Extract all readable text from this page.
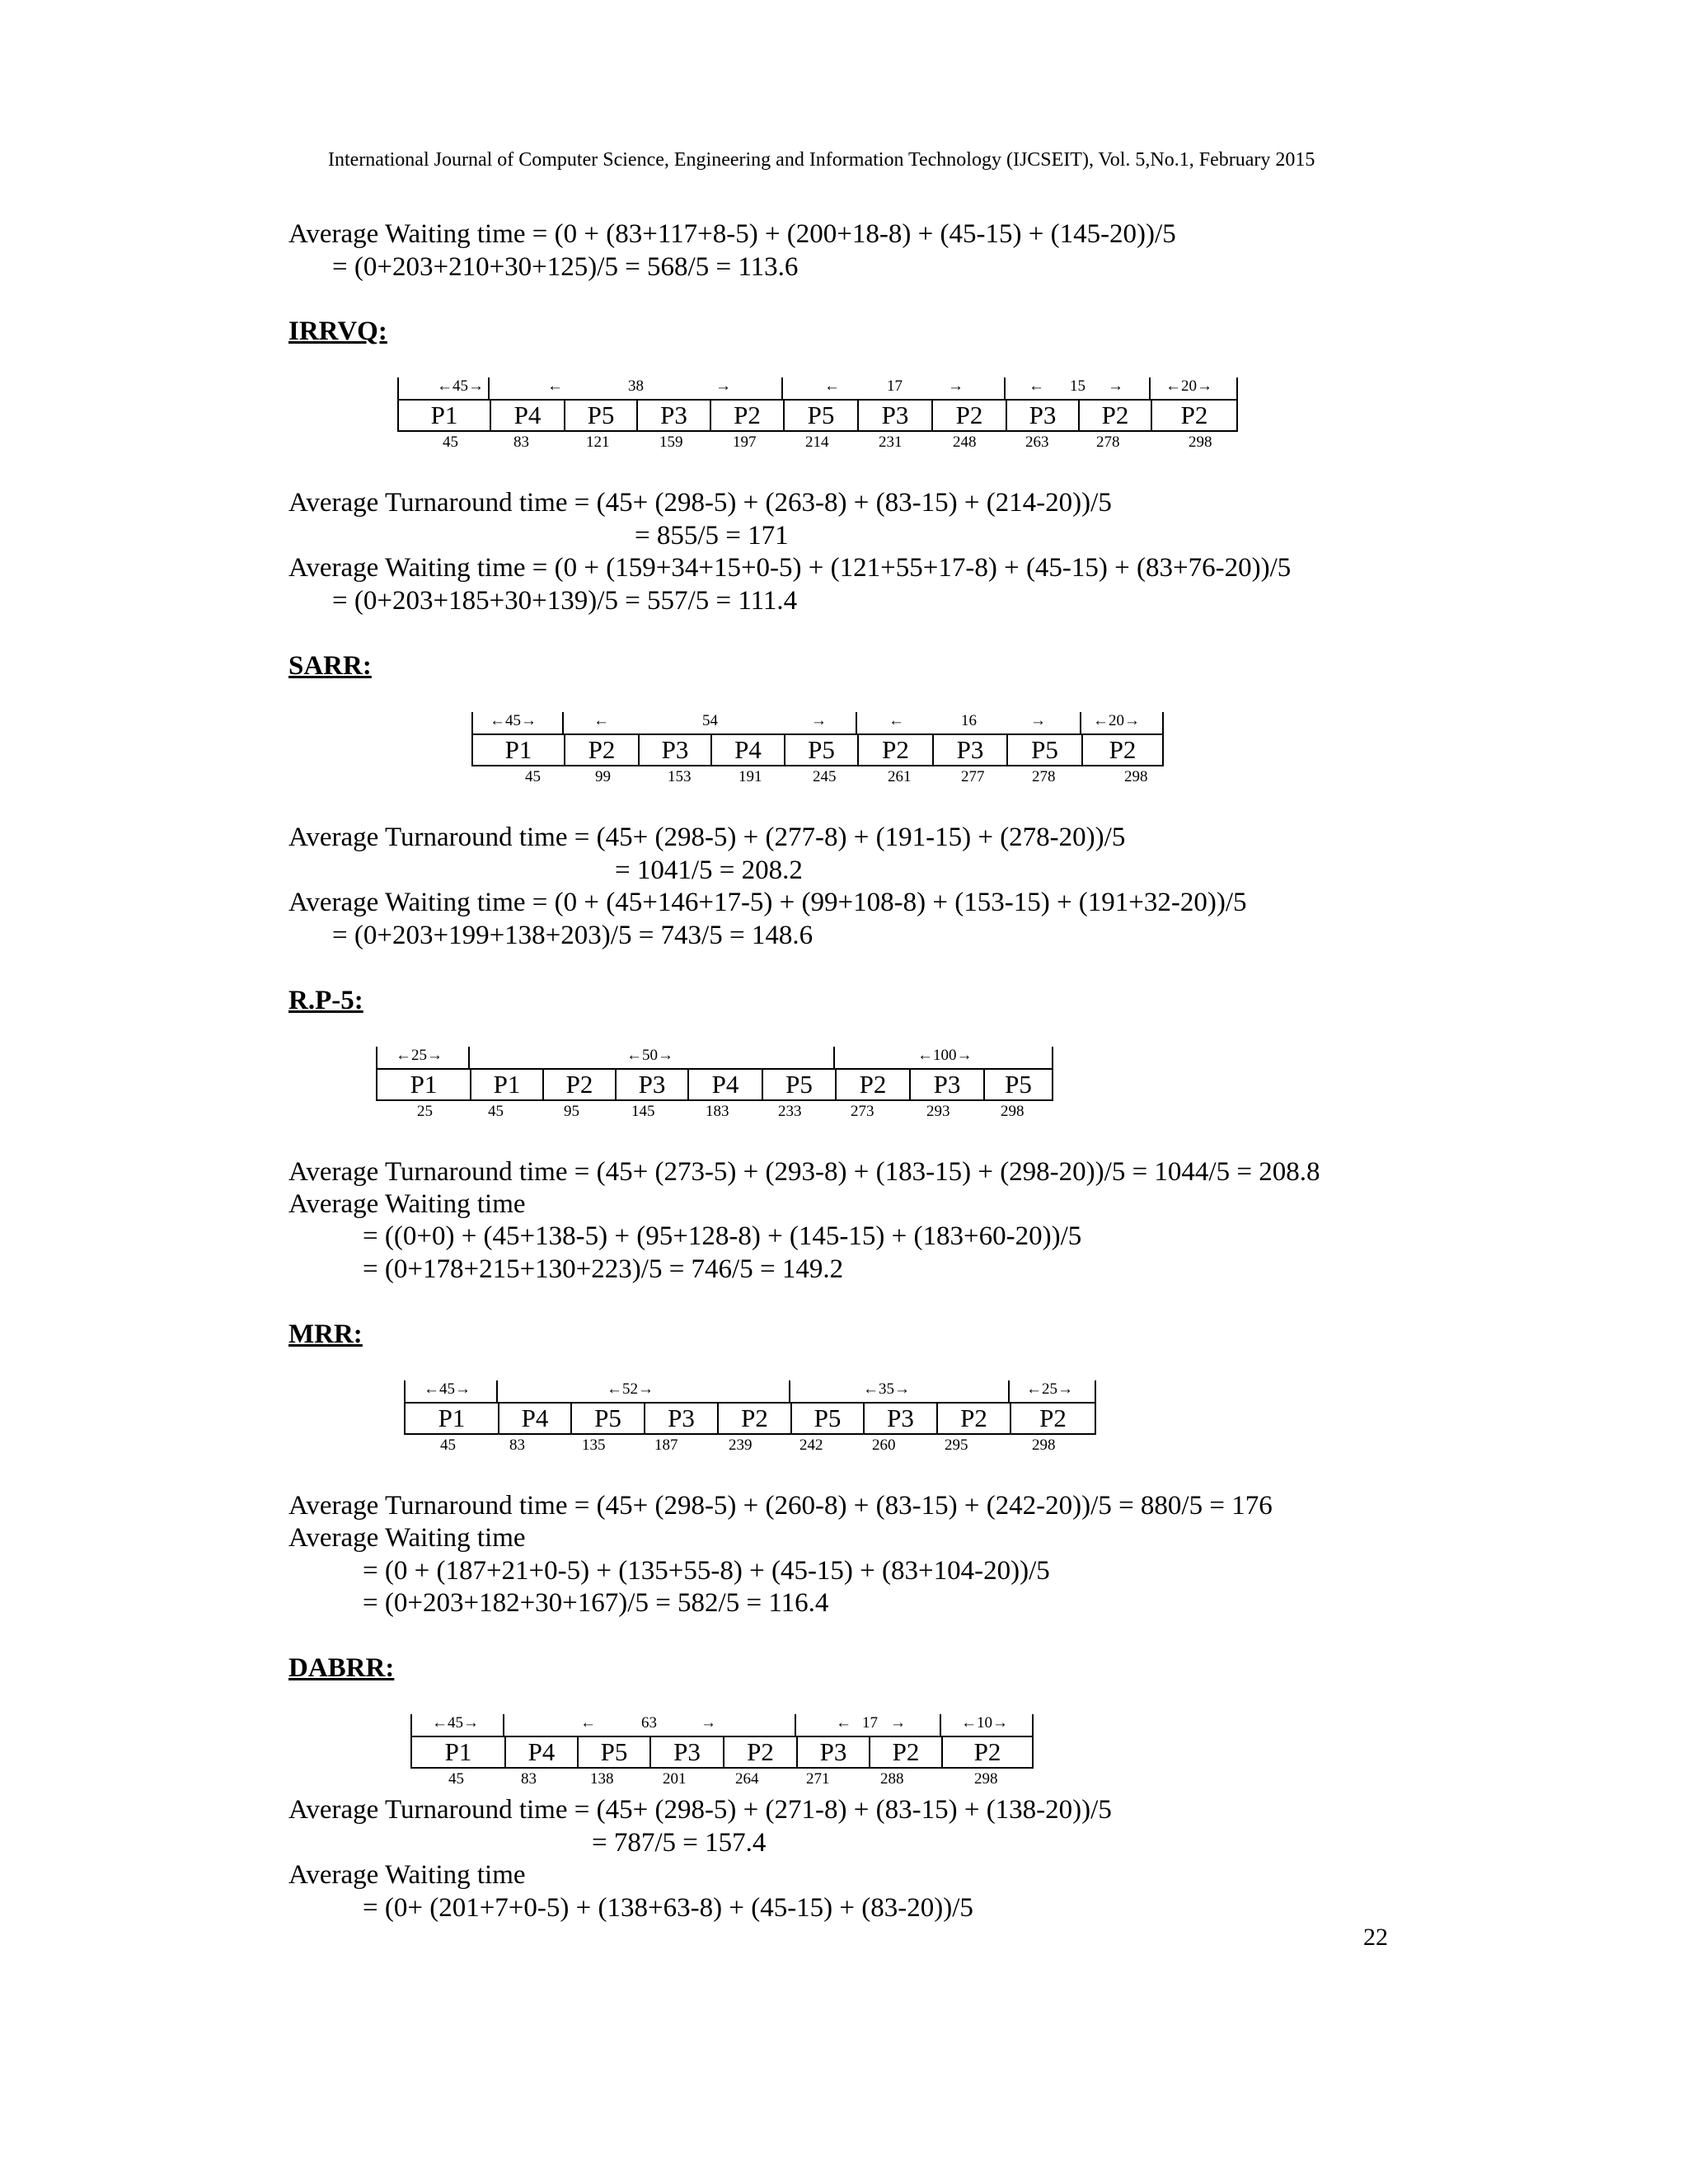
International Journal of Computer Science, Engineering and Information Technology (IJCSEIT), Vol. 5,No.1, February 2015
Average Waiting time = (0 + (83+117+8-5) + (200+18-8) + (45-15) + (145-20))/5
= (0+203+210+30+125)/5 = 568/5 = 113.6
IRRVQ:
←45→	←	38	→	←	17	→	← 15 →	←20→
P1	P4	P5	P3	P2	P5	P3	P2	P3	P2	P2
45	83	121	159	197	214	231	248	263	278	298
Average Turnaround time = (45+ (298-5) + (263-8) + (83-15) + (214-20))/5
= 855/5 = 171
Average Waiting time = (0 + (159+34+15+0-5) + (121+55+17-8) + (45-15) + (83+76-20))/5
= (0+203+185+30+139)/5 = 557/5 = 111.4
SARR:
←45→	←	54	→	←	16	→	←20→
P1	P2	P3	P4	P5	P2	P3	P5	P2
45	99	153	191	245	261	277	278	298
Average Turnaround time = (45+ (298-5) + (277-8) + (191-15) + (278-20))/5
= 1041/5 = 208.2
Average Waiting time = (0 + (45+146+17-5) + (99+108-8) + (153-15) + (191+32-20))/5
= (0+203+199+138+203)/5 = 743/5 = 148.6
R.P-5:
←25→	←50→	←100→
P1	P1	P2	P3	P4	P5	P2	P3	P5
25	45	95	145	183	233	273	293	298
Average Turnaround time = (45+ (273-5) + (293-8) + (183-15) + (298-20))/5 = 1044/5 = 208.8
Average Waiting time
= ((0+0) + (45+138-5) + (95+128-8) + (145-15) + (183+60-20))/5
= (0+178+215+130+223)/5 = 746/5 = 149.2
MRR:
←45→	←52→	←35→	←25→
P1	P4	P5	P3	P2	P5	P3	P2	P2
45	83	135	187	239	242	260	295	298
Average Turnaround time = (45+ (298-5) + (260-8) + (83-15) + (242-20))/5 = 880/5 = 176
Average Waiting time
= (0 + (187+21+0-5) + (135+55-8) + (45-15) + (83+104-20))/5
= (0+203+182+30+167)/5 = 582/5 = 116.4
DABRR:
←45→	←	63	→	← 17 →	←10→
P1	P4	P5	P3	P2	P3	P2	P2
45	83	138	201	264	271	288	298
Average Turnaround time = (45+ (298-5) + (271-8) + (83-15) + (138-20))/5
= 787/5 = 157.4
Average Waiting time
= (0+ (201+7+0-5) + (138+63-8) + (45-15) + (83-20))/5
22
